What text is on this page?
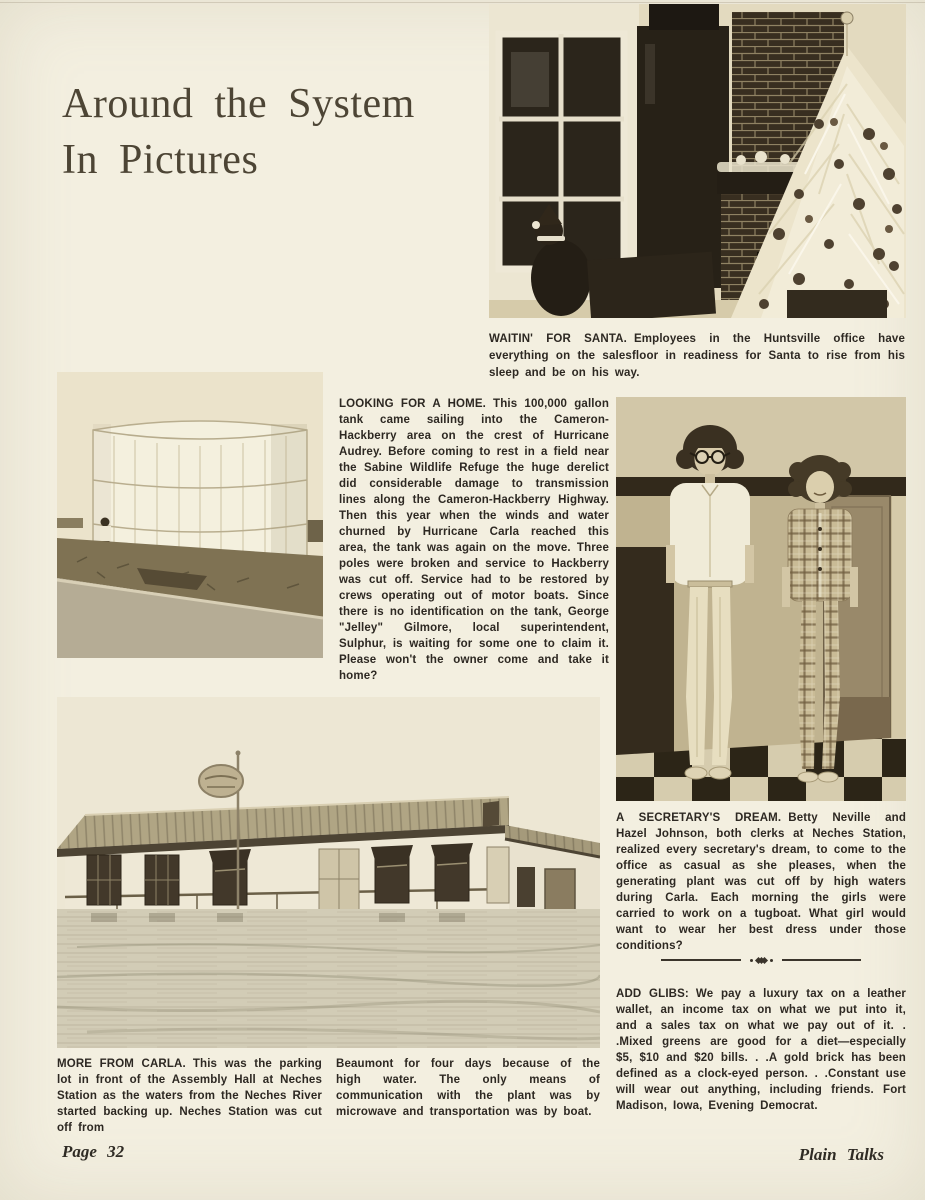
Around the System
In Pictures

WAITIN' FOR SANTA. Employees in the Huntsville office have everything on the salesfloor in readiness for Santa to rise from his sleep and be on his way.

LOOKING FOR A HOME. This 100,000 gallon tank came sailing into the Cameron-Hackberry area on the crest of Hurricane Audrey. Before coming to rest in a field near the Sabine Wildlife Refuge the huge derelict did considerable damage to transmission lines along the Cameron-Hackberry Highway. Then this year when the winds and water churned by Hurricane Carla reached this area, the tank was again on the move. Three poles were broken and service to Hackberry was cut off. Service had to be restored by crews operating out of motor boats. Since there is no identification on the tank, George "Jelley" Gilmore, local superintendent, Sulphur, is waiting for some one to claim it. Please won't the owner come and take it home?

A SECRETARY'S DREAM. Betty Neville and Hazel Johnson, both clerks at Neches Station, realized every secretary's dream, to come to the office as casual as she pleases, when the generating plant was cut off by high waters during Carla. Each morning the girls were carried to work on a tugboat. What girl would want to wear her best dress under those conditions?

ADD GLIBS: We pay a luxury tax on a leather wallet, an income tax on what we put into it, and a sales tax on what we pay out of it. . .Mixed greens are good for a diet—especially $5, $10 and $20 bills. . .A gold brick has been defined as a clock-eyed person. . .Constant use will wear out anything, including friends. Fort Madison, Iowa, Evening Democrat.

MORE FROM CARLA. This was the parking lot in front of the Assembly Hall at Neches Station as the waters from the Neches River started backing up. Neches Station was cut off from

Beaumont for four days because of the high water. The only means of communication with the plant was by microwave and transportation was by boat.

Page 32	Plain Talks
